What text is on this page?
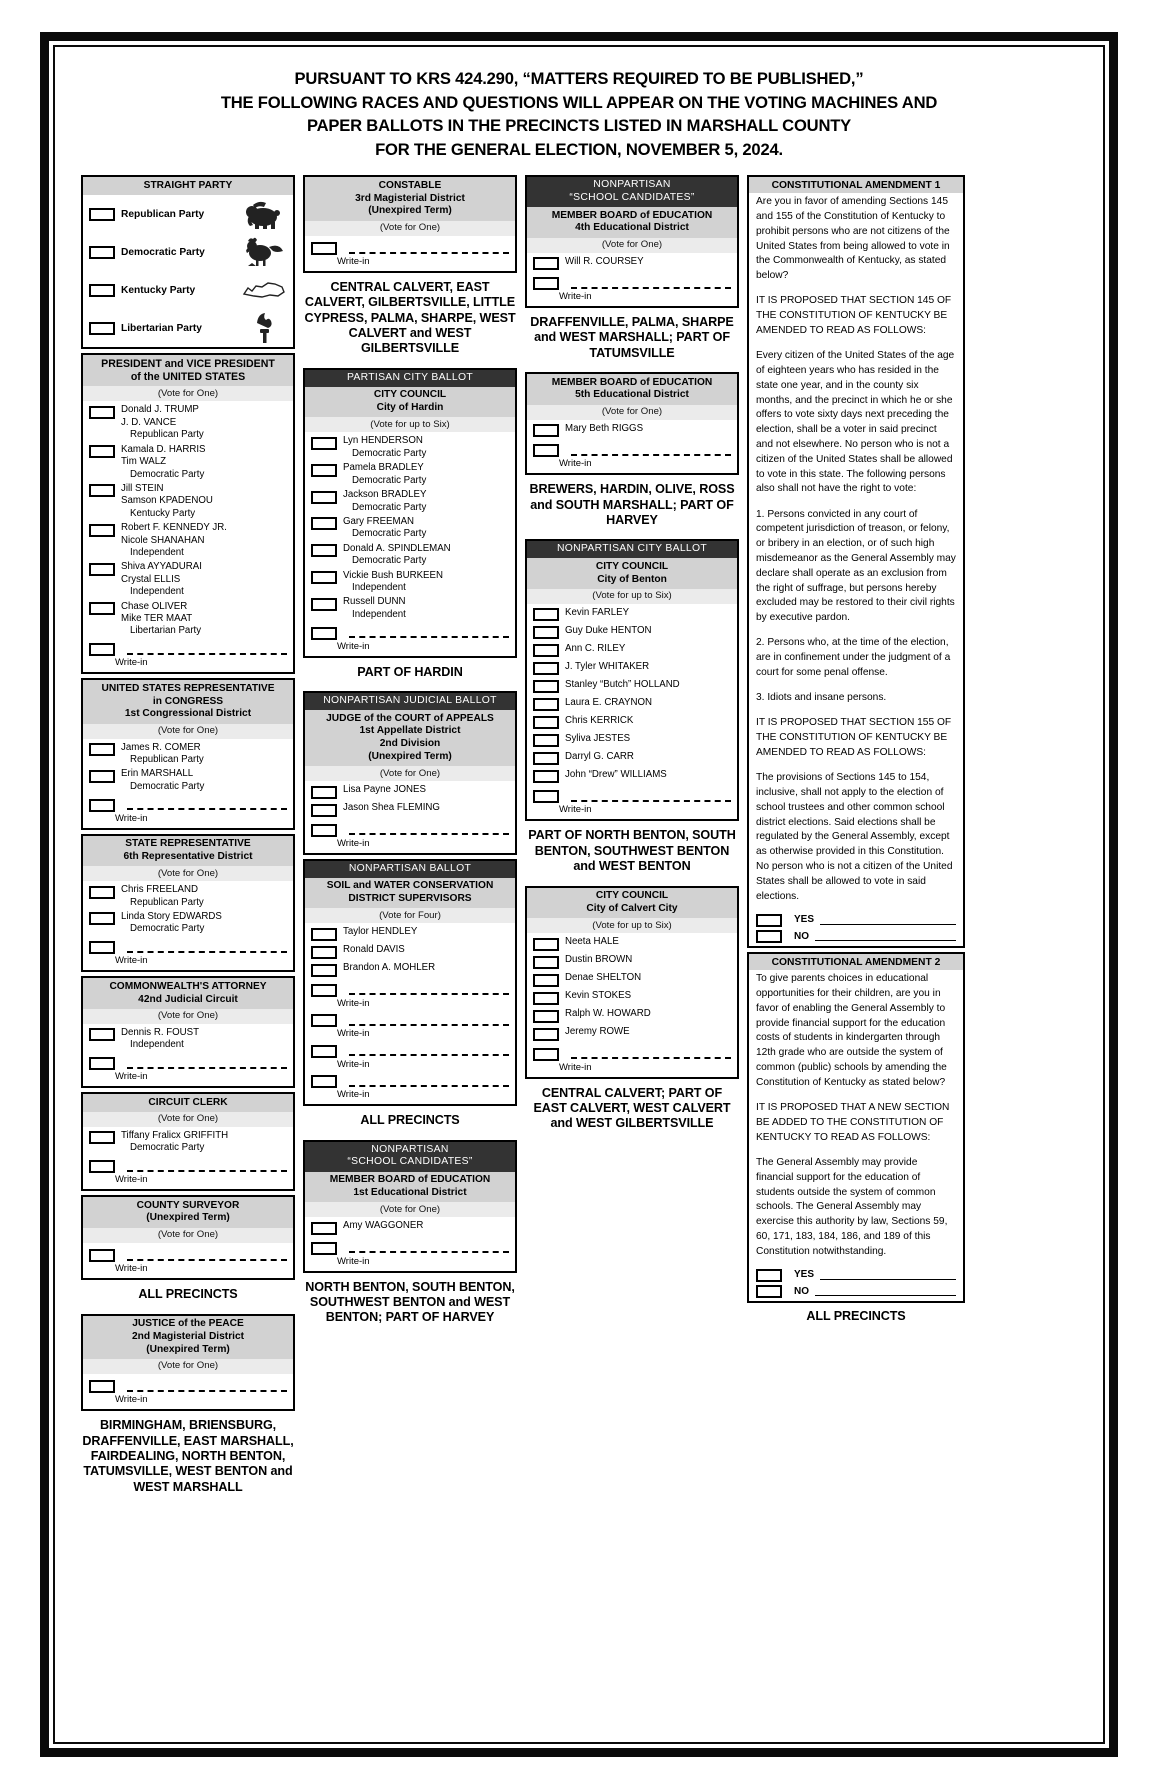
PURSUANT TO KRS 424.290, “MATTERS REQUIRED TO BE PUBLISHED,”
THE FOLLOWING RACES AND QUESTIONS WILL APPEAR ON THE VOTING MACHINES AND
PAPER BALLOTS IN THE PRECINCTS LISTED IN MARSHALL COUNTY
FOR THE GENERAL ELECTION, NOVEMBER 5, 2024.
STRAIGHT PARTY
Republican Party
Democratic Party
Kentucky Party
Libertarian Party
PRESIDENT and VICE PRESIDENT
of the UNITED STATES
(Vote for One)
Donald J. TRUMP
J. D. VANCE
Republican Party
Kamala D. HARRIS
Tim WALZ
Democratic Party
Jill STEIN
Samson KPADENOU
Kentucky Party
Robert F. KENNEDY JR.
Nicole SHANAHAN
Independent
Shiva AYYADURAI
Crystal ELLIS
Independent
Chase OLIVER
Mike TER MAAT
Libertarian Party
Write-in
UNITED STATES REPRESENTATIVE
in CONGRESS
1st Congressional District
(Vote for One)
James R. COMER
Republican Party
Erin MARSHALL
Democratic Party
Write-in
STATE REPRESENTATIVE
6th Representative District
(Vote for One)
Chris FREELAND
Republican Party
Linda Story EDWARDS
Democratic Party
Write-in
COMMONWEALTH'S ATTORNEY
42nd Judicial Circuit
(Vote for One)
Dennis R. FOUST
Independent
Write-in
CIRCUIT CLERK
(Vote for One)
Tiffany Fralicx GRIFFITH
Democratic Party
Write-in
COUNTY SURVEYOR
(Unexpired Term)
(Vote for One)
Write-in
ALL PRECINCTS
JUSTICE of the PEACE
2nd Magisterial District
(Unexpired Term)
(Vote for One)
Write-in
BIRMINGHAM, BRIENSBURG, DRAFFENVILLE, EAST MARSHALL, FAIRDEALING, NORTH BENTON, TATUMSVILLE, WEST BENTON and WEST MARSHALL
CONSTABLE
3rd Magisterial District
(Unexpired Term)
(Vote for One)
Write-in
CENTRAL CALVERT, EAST CALVERT, GILBERTSVILLE, LITTLE CYPRESS, PALMA, SHARPE, WEST CALVERT and WEST GILBERTSVILLE
PARTISAN CITY BALLOT
CITY COUNCIL
City of Hardin
(Vote for up to Six)
Lyn HENDERSON
Democratic Party
Pamela BRADLEY
Democratic Party
Jackson BRADLEY
Democratic Party
Gary FREEMAN
Democratic Party
Donald A. SPINDLEMAN
Democratic Party
Vickie Bush BURKEEN
Independent
Russell DUNN
Independent
Write-in
PART OF HARDIN
NONPARTISAN JUDICIAL BALLOT
JUDGE of the COURT of APPEALS
1st Appellate District
2nd Division
(Unexpired Term)
(Vote for One)
Lisa Payne JONES
Jason Shea FLEMING
Write-in
NONPARTISAN BALLOT
SOIL and WATER CONSERVATION
DISTRICT SUPERVISORS
(Vote for Four)
Taylor HENDLEY
Ronald DAVIS
Brandon A. MOHLER
Write-in
Write-in
Write-in
Write-in
ALL PRECINCTS
NONPARTISAN
“SCHOOL CANDIDATES”
MEMBER BOARD of EDUCATION
1st Educational District
(Vote for One)
Amy WAGGONER
Write-in
NORTH BENTON, SOUTH BENTON, SOUTHWEST BENTON and WEST BENTON; PART OF HARVEY
NONPARTISAN
“SCHOOL CANDIDATES”
MEMBER BOARD of EDUCATION
4th Educational District
(Vote for One)
Will R. COURSEY
Write-in
DRAFFENVILLE, PALMA, SHARPE and WEST MARSHALL; PART OF TATUMSVILLE
MEMBER BOARD of EDUCATION
5th Educational District
(Vote for One)
Mary Beth RIGGS
Write-in
BREWERS, HARDIN, OLIVE, ROSS and SOUTH MARSHALL; PART OF HARVEY
NONPARTISAN CITY BALLOT
CITY COUNCIL
City of Benton
(Vote for up to Six)
Kevin FARLEY
Guy Duke HENTON
Ann C. RILEY
J. Tyler WHITAKER
Stanley “Butch” HOLLAND
Laura E. CRAYNON
Chris KERRICK
Syliva JESTES
Darryl G. CARR
John “Drew” WILLIAMS
Write-in
PART OF NORTH BENTON, SOUTH BENTON, SOUTHWEST BENTON and WEST BENTON
CITY COUNCIL
City of Calvert City
(Vote for up to Six)
Neeta HALE
Dustin BROWN
Denae SHELTON
Kevin STOKES
Ralph W. HOWARD
Jeremy ROWE
Write-in
CENTRAL CALVERT; PART OF EAST CALVERT, WEST CALVERT and WEST GILBERTSVILLE
CONSTITUTIONAL AMENDMENT 1

Are you in favor of amending Sections 145 and 155 of the Constitution of Kentucky to prohibit persons who are not citizens of the United States from being allowed to vote in the Commonwealth of Kentucky, as stated below?

IT IS PROPOSED THAT SECTION 145 OF THE CONSTITUTION OF KENTUCKY BE AMENDED TO READ AS FOLLOWS:

Every citizen of the United States of the age of eighteen years who has resided in the state one year, and in the county six months, and the precinct in which he or she offers to vote sixty days next preceding the election, shall be a voter in said precinct and not elsewhere. No person who is not a citizen of the United States shall be allowed to vote in this state. The following persons also shall not have the right to vote:

1. Persons convicted in any court of competent jurisdiction of treason, or felony, or bribery in an election, or of such high misdemeanor as the General Assembly may declare shall operate as an exclusion from the right of suffrage, but persons hereby excluded may be restored to their civil rights by executive pardon.

2. Persons who, at the time of the election, are in confinement under the judgment of a court for some penal offense.

3. Idiots and insane persons.

IT IS PROPOSED THAT SECTION 155 OF THE CONSTITUTION OF KENTUCKY BE AMENDED TO READ AS FOLLOWS:

The provisions of Sections 145 to 154, inclusive, shall not apply to the election of school trustees and other common school district elections. Said elections shall be regulated by the General Assembly, except as otherwise provided in this Constitution. No person who is not a citizen of the United States shall be allowed to vote in said elections.

YES
NO
CONSTITUTIONAL AMENDMENT 2

To give parents choices in educational opportunities for their children, are you in favor of enabling the General Assembly to provide financial support for the education costs of students in kindergarten through 12th grade who are outside the system of common (public) schools by amending the Constitution of Kentucky as stated below?

IT IS PROPOSED THAT A NEW SECTION BE ADDED TO THE CONSTITUTION OF KENTUCKY TO READ AS FOLLOWS:

The General Assembly may provide financial support for the education of students outside the system of common schools. The General Assembly may exercise this authority by law, Sections 59, 60, 171, 183, 184, 186, and 189 of this Constitution notwithstanding.

YES
NO
ALL PRECINCTS
